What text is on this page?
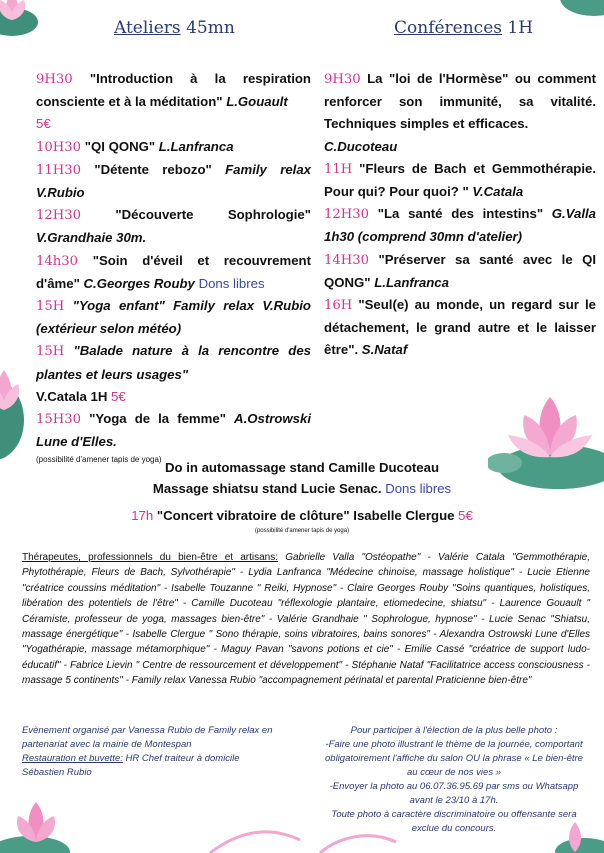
Ateliers 45mn	Conférences 1H

9H30 "Introduction à la respiration consciente et à la méditation" L.Gouault
5€

10H30 "QI QONG" L.Lanfranca

11H30 "Détente rebozo" Family relax V.Rubio

12H30 "Découverte Sophrologie" V.Grandhaie 30m.

14h30 "Soin d'éveil et recouvrement d'âme" C.Georges Rouby Dons libres

15H "Yoga enfant" Family relax V.Rubio (extérieur selon météo)

15H "Balade nature à la rencontre des plantes et leurs usages"
V.Catala 1H 5€

15H30 "Yoga de la femme" A.Ostrowski Lune d'Elles.

(possibilité d'amener tapis de yoga)

9H30 La "loi de l'Hormèse" ou comment renforcer son immunité, sa vitalité. Techniques simples et efficaces.
C.Ducoteau

11H "Fleurs de Bach et Gemmothérapie. Pour qui? Pour quoi? " V.Catala

12H30 "La santé des intestins" G.Valla 1h30 (comprend 30mn d'atelier)

14H30 "Préserver sa santé avec le QI QONG" L.Lanfranca

16H "Seul(e) au monde, un regard sur le détachement, le grand autre et le laisser être". S.Nataf

Do in automassage stand Camille Ducoteau
Massage shiatsu stand Lucie Senac. Dons libres
17h "Concert vibratoire de clôture" Isabelle Clergue 5€
(possibilité d'amener tapis de yoga)
Thérapeutes, professionnels du bien-être et artisans: Gabrielle Valla "Ostéopathe" - Valérie Catala "Gemmothérapie, Phytothérapie, Fleurs de Bach, Sylvothérapie" - Lydia Lanfranca "Médecine chinoise, massage holistique" - Lucie Etienne "créatrice coussins méditation" - Isabelle Touzanne " Reiki, Hypnose" - Claire Georges Rouby "Soins quantiques, holistiques, libération des potentiels de l'être" - Camille Ducoteau "réflexologie plantaire, etiomedecine, shiatsu" - Laurence Gouault " Céramiste, professeur de yoga, massages bien-être" - Valérie Grandhaie " Sophrologue, hypnose" - Lucie Senac "Shiatsu, massage énergétique" - Isabelle Clergue " Sono thérapie, soins vibratoires, bains sonores" - Alexandra Ostrowski Lune d'Elles "Yogathérapie, massage métamorphique" - Maguy Pavan "savons potions et cie" - Emilie Cassé "créatrice de support ludo-éducatif" - Fabrice Lievin " Centre de ressourcement et développement" - Stéphanie Nataf "Facilitatrice access consciousness - massage 5 continents" - Family relax Vanessa Rubio "accompagnement périnatal et parental Praticienne bien-être"
Evènement organisé par Vanessa Rubio de Family relax en partenariat avec la mairie de Montespan
Restauration et buvette: HR Chef traiteur à domicile Sébastien Rubio
Pour participer à l'élection de la plus belle photo :
-Faire une photo illustrant le thème de la journée, comportant obligatoirement l'affiche du salon OU la phrase « Le bien-être au cœur de nos vies »
-Envoyer la photo au 06.07.36.95.69 par sms ou Whatsapp avant le 23/10 à 17h.
Toute photo à caractère discriminatoire ou offensante sera exclue du concours.
